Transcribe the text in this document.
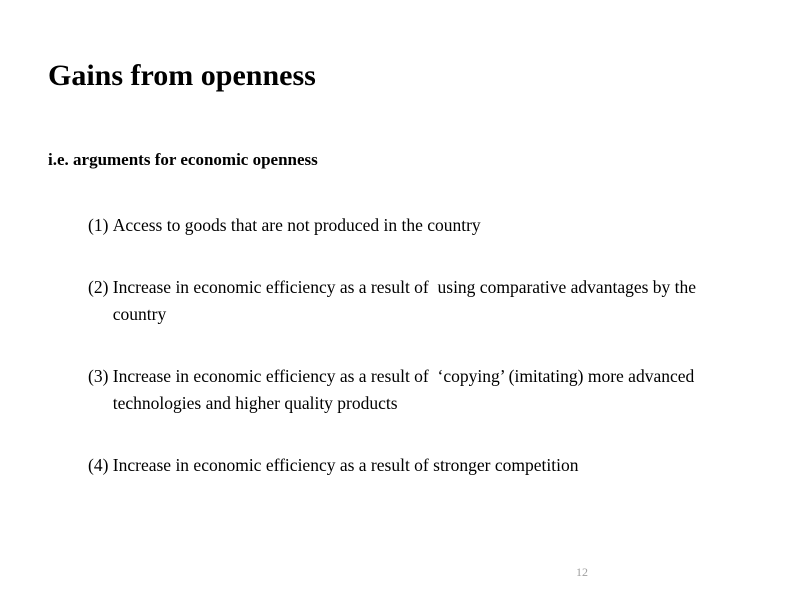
Gains from openness

i.e. arguments for economic openness

(1) Access to goods that are not produced in the country
(2) Increase in economic efficiency as a result of  using comparative advantages by the country
(3) Increase in economic efficiency as a result of  ‘copying’ (imitating) more advanced technologies and higher quality products
(4) Increase in economic efficiency as a result of stronger competition
12
